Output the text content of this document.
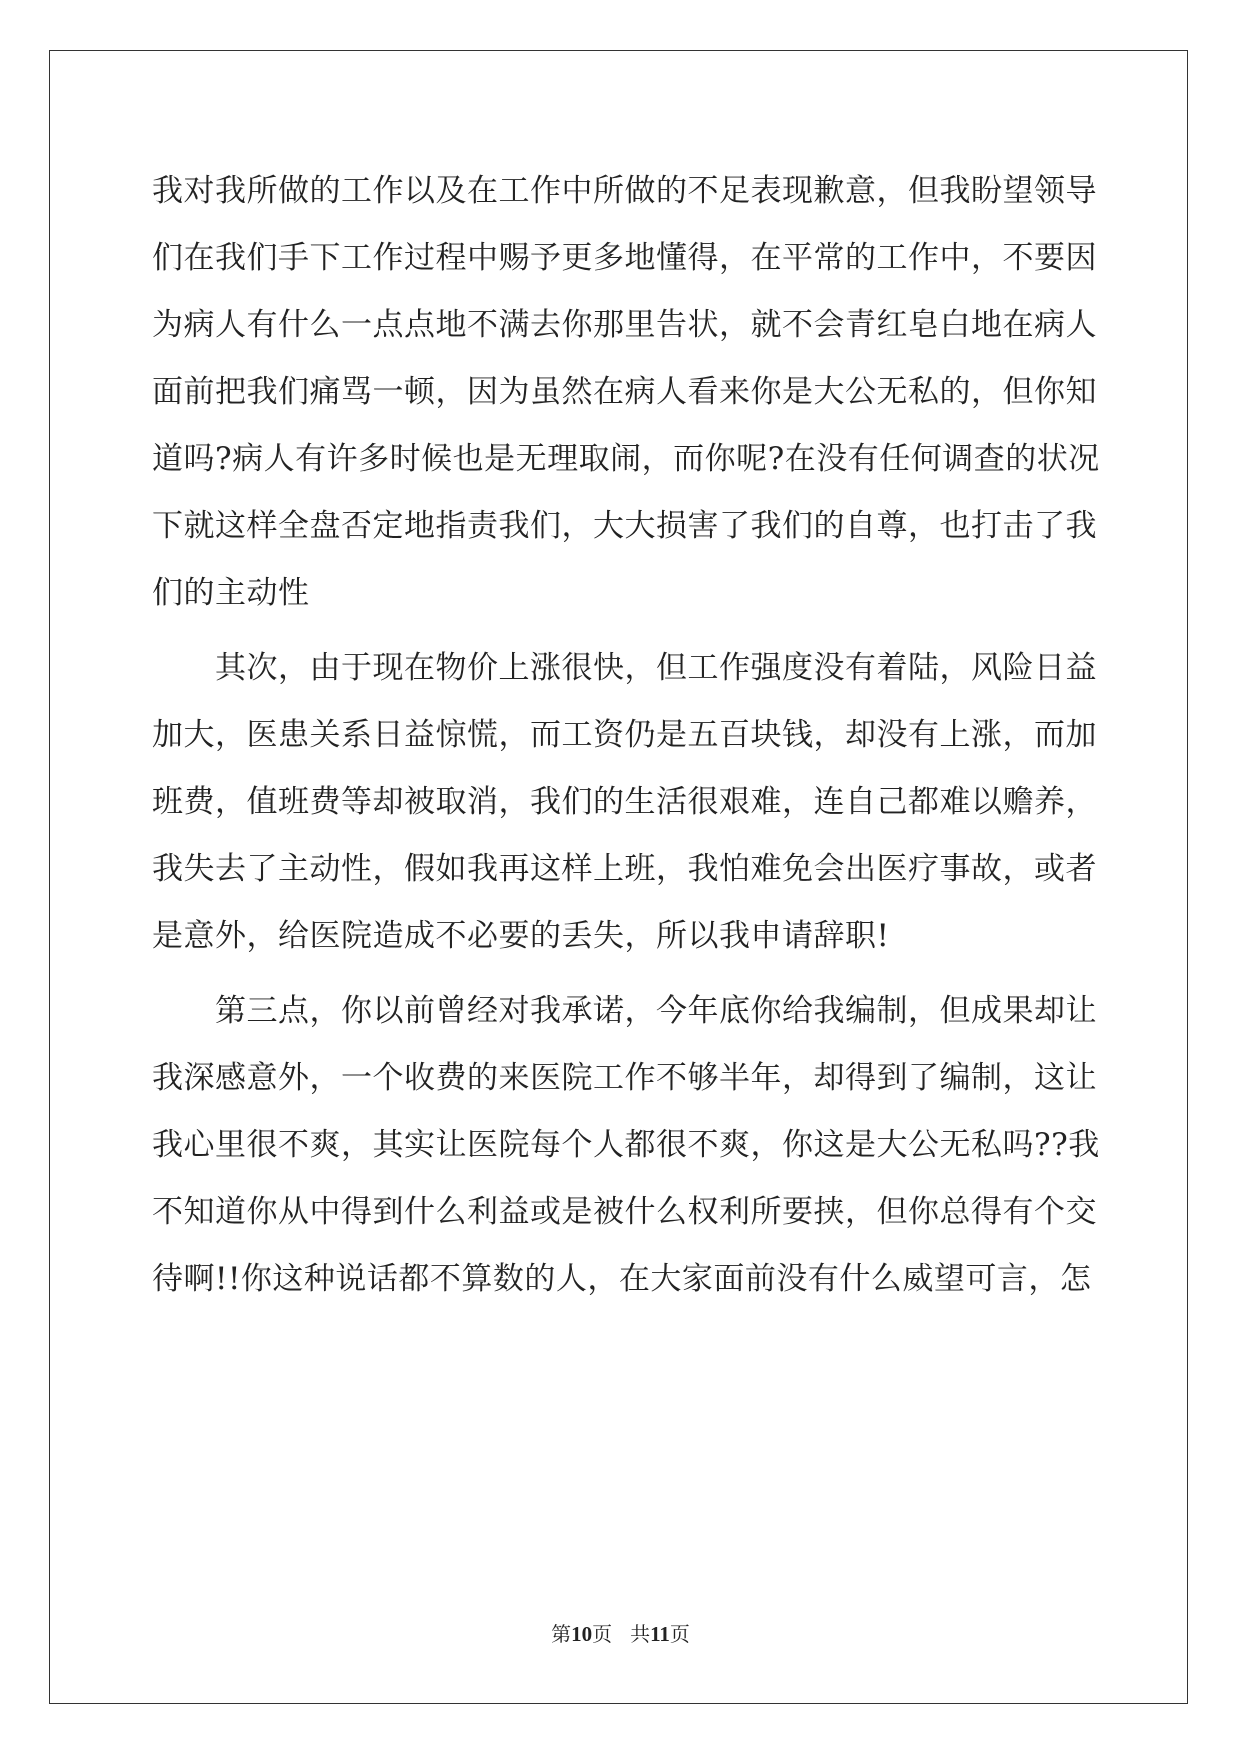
我对我所做的工作以及在工作中所做的不足表现歉意，但我盼望领导
们在我们手下工作过程中赐予更多地懂得，在平常的工作中，不要因
为病人有什么一点点地不满去你那里告状，就不会青红皂白地在病人
面前把我们痛骂一顿，因为虽然在病人看来你是大公无私的，但你知
道吗?病人有许多时候也是无理取闹，而你呢?在没有任何调查的状况
下就这样全盘否定地指责我们，大大损害了我们的自尊，也打击了我
们的主动性
其次，由于现在物价上涨很快，但工作强度没有着陆，风险日益
加大，医患关系日益惊慌，而工资仍是五百块钱，却没有上涨，而加
班费，值班费等却被取消，我们的生活很艰难，连自己都难以赡养，
我失去了主动性，假如我再这样上班，我怕难免会出医疗事故，或者
是意外，给医院造成不必要的丢失，所以我申请辞职!
第三点，你以前曾经对我承诺，今年底你给我编制，但成果却让
我深感意外，一个收费的来医院工作不够半年，却得到了编制，这让
我心里很不爽，其实让医院每个人都很不爽，你这是大公无私吗??我
不知道你从中得到什么利益或是被什么权利所要挟，但你总得有个交
待啊!!你这种说话都不算数的人，在大家面前没有什么威望可言，怎
第10页 共11页
